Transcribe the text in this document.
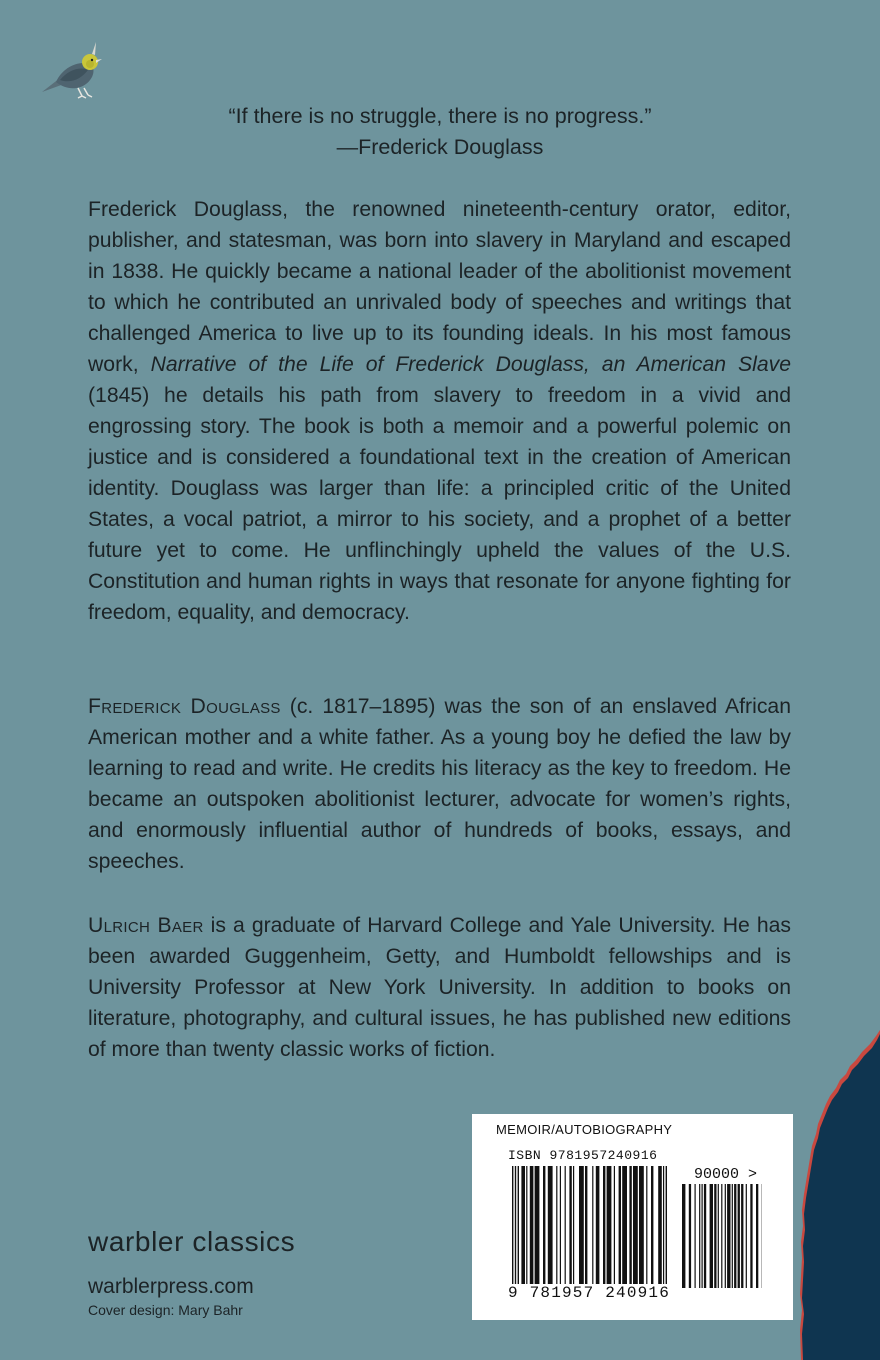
“If there is no struggle, there is no progress.”
—Frederick Douglass
Frederick Douglass, the renowned nineteenth-century orator, editor, publisher, and statesman, was born into slavery in Maryland and escaped in 1838. He quickly became a national leader of the abolitionist movement to which he contributed an unrivaled body of speeches and writings that challenged America to live up to its founding ideals. In his most famous work, Narrative of the Life of Frederick Douglass, an American Slave (1845) he details his path from slavery to freedom in a vivid and engrossing story. The book is both a memoir and a powerful polemic on justice and is considered a foundational text in the creation of American identity. Douglass was larger than life: a principled critic of the United States, a vocal patriot, a mirror to his society, and a prophet of a better future yet to come. He unflinchingly upheld the values of the U.S. Constitution and human rights in ways that resonate for anyone fighting for freedom, equality, and democracy.
Frederick Douglass (c. 1817–1895) was the son of an enslaved African American mother and a white father. As a young boy he defied the law by learning to read and write. He credits his literacy as the key to freedom. He became an outspoken abolitionist lecturer, advocate for women’s rights, and enormously influential author of hundreds of books, essays, and speeches.
Ulrich Baer is a graduate of Harvard College and Yale University. He has been awarded Guggenheim, Getty, and Humboldt fellowships and is University Professor at New York University. In addition to books on literature, photography, and cultural issues, he has published new editions of more than twenty classic works of fiction.
MEMOIR/AUTOBIOGRAPHY
ISBN 9781957240916
90000 >
9 781957 240916
warbler classics
warblerpress.com
Cover design: Mary Bahr
